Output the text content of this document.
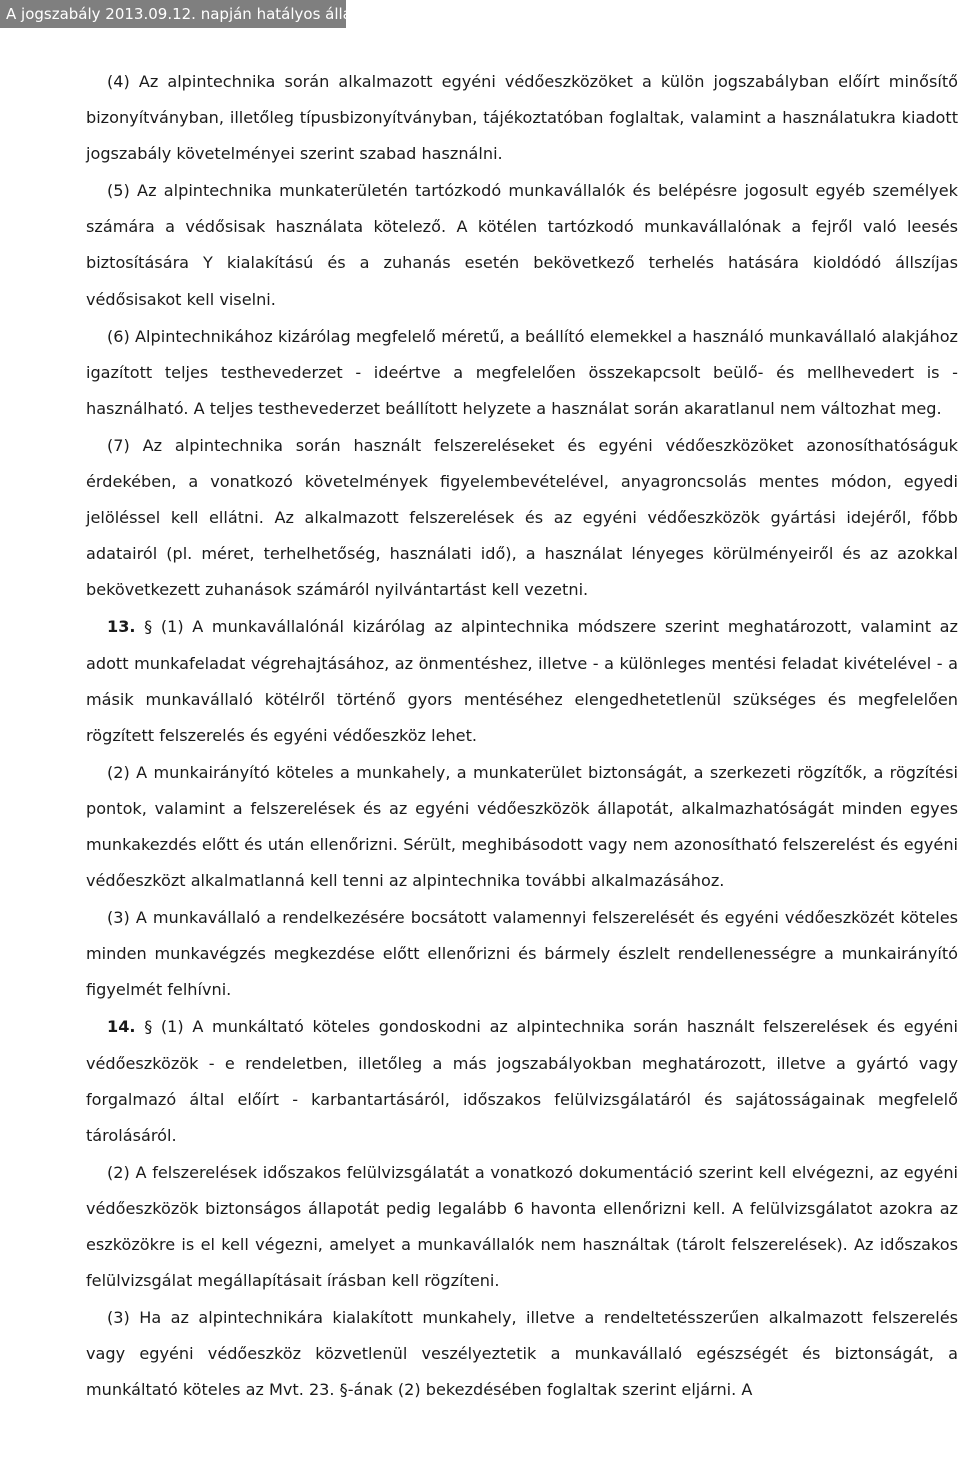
A jogszabály 2013.09.12. napján hatályos állapota

(4) Az alpintechnika során alkalmazott egyéni védőeszközöket a külön jogszabályban előírt minősítő bizonyítványban, illetőleg típusbizonyítványban, tájékoztatóban foglaltak, valamint a használatukra kiadott jogszabály követelményei szerint szabad használni.

(5) Az alpintechnika munkaterületén tartózkodó munkavállalók és belépésre jogosult egyéb személyek számára a védősisak használata kötelező. A kötélen tartózkodó munkavállalónak a fejről való leesés biztosítására Y kialakítású és a zuhanás esetén bekövetkező terhelés hatására kioldódó állszíjas védősisakot kell viselni.

(6) Alpintechnikához kizárólag megfelelő méretű, a beállító elemekkel a használó munkavállaló alakjához igazított teljes testhevederzet - ideértve a megfelelően összekapcsolt beülő- és mellhevedert is - használható. A teljes testhevederzet beállított helyzete a használat során akaratlanul nem változhat meg.

(7) Az alpintechnika során használt felszereléseket és egyéni védőeszközöket azonosíthatóságuk érdekében, a vonatkozó követelmények figyelembevételével, anyagroncsolás mentes módon, egyedi jelöléssel kell ellátni. Az alkalmazott felszerelések és az egyéni védőeszközök gyártási idejéről, főbb adatairól (pl. méret, terhelhetőség, használati idő), a használat lényeges körülményeiről és az azokkal bekövetkezett zuhanások számáról nyilvántartást kell vezetni.

13. § (1) A munkavállalónál kizárólag az alpintechnika módszere szerint meghatározott, valamint az adott munkafeladat végrehajtásához, az önmentéshez, illetve - a különleges mentési feladat kivételével - a másik munkavállaló kötélről történő gyors mentéséhez elengedhetetlenül szükséges és megfelelően rögzített felszerelés és egyéni védőeszköz lehet.

(2) A munkairányító köteles a munkahely, a munkaterület biztonságát, a szerkezeti rögzítők, a rögzítési pontok, valamint a felszerelések és az egyéni védőeszközök állapotát, alkalmazhatóságát minden egyes munkakezdés előtt és után ellenőrizni. Sérült, meghibásodott vagy nem azonosítható felszerelést és egyéni védőeszközt alkalmatlanná kell tenni az alpintechnika további alkalmazásához.

(3) A munkavállaló a rendelkezésére bocsátott valamennyi felszerelését és egyéni védőeszközét köteles minden munkavégzés megkezdése előtt ellenőrizni és bármely észlelt rendellenességre a munkairányító figyelmét felhívni.

14. § (1) A munkáltató köteles gondoskodni az alpintechnika során használt felszerelések és egyéni védőeszközök - e rendeletben, illetőleg a más jogszabályokban meghatározott, illetve a gyártó vagy forgalmazó által előírt - karbantartásáról, időszakos felülvizsgálatáról és sajátosságainak megfelelő tárolásáról.

(2) A felszerelések időszakos felülvizsgálatát a vonatkozó dokumentáció szerint kell elvégezni, az egyéni védőeszközök biztonságos állapotát pedig legalább 6 havonta ellenőrizni kell. A felülvizsgálatot azokra az eszközökre is el kell végezni, amelyet a munkavállalók nem használtak (tárolt felszerelések). Az időszakos felülvizsgálat megállapításait írásban kell rögzíteni.

(3) Ha az alpintechnikára kialakított munkahely, illetve a rendeltetésszerűen alkalmazott felszerelés vagy egyéni védőeszköz közvetlenül veszélyeztetik a munkavállaló egészségét és biztonságát, a munkáltató köteles az Mvt. 23. §-ának (2) bekezdésében foglaltak szerint eljárni. A
